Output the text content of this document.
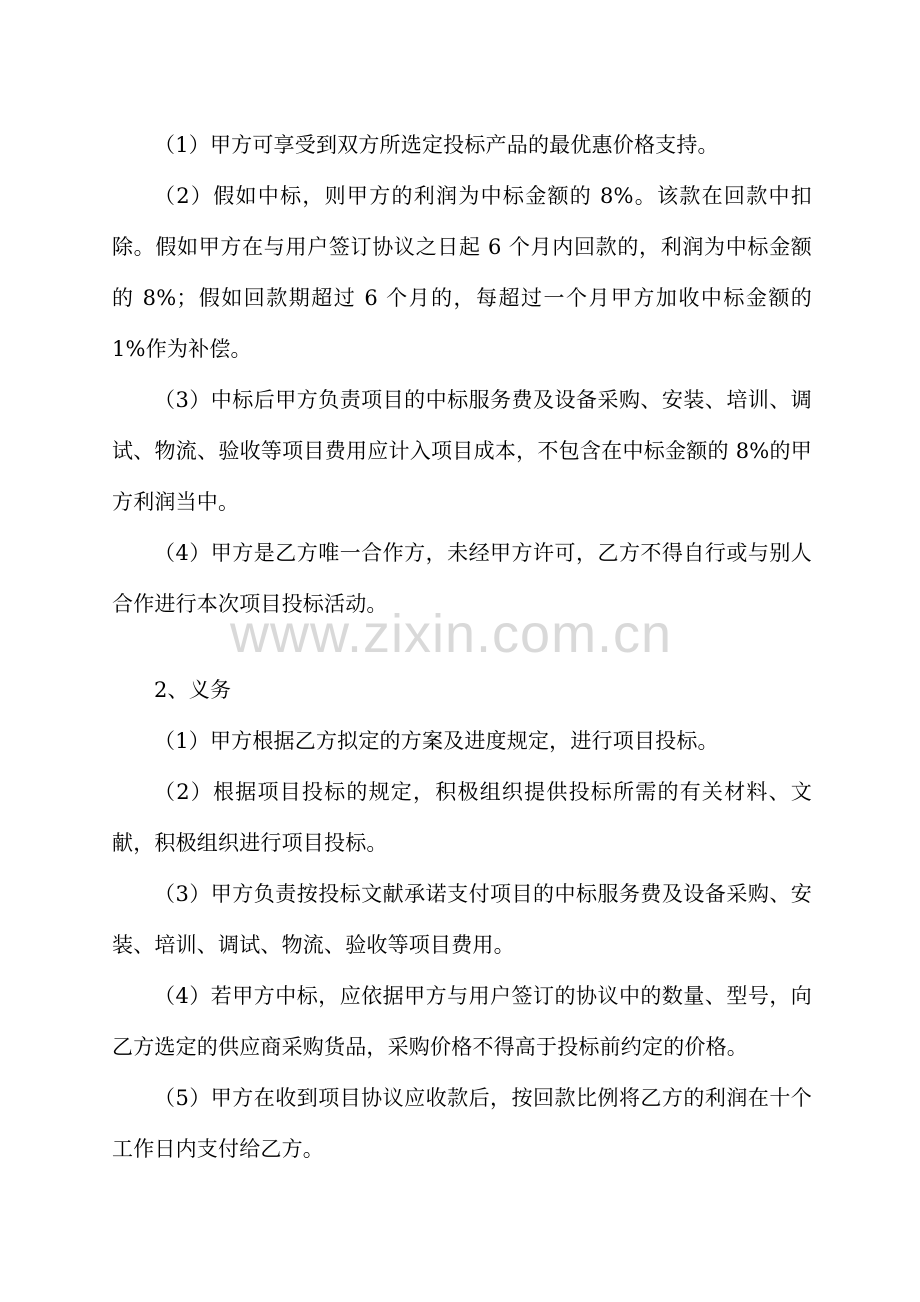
（1）甲方可享受到双方所选定投标产品的最优惠价格支持。

（2）假如中标，则甲方的利润为中标金额的 8%。该款在回款中扣除。假如甲方在与用户签订协议之日起 6 个月内回款的，利润为中标金额的 8%；假如回款期超过 6 个月的，每超过一个月甲方加收中标金额的 1%作为补偿。

（3）中标后甲方负责项目的中标服务费及设备采购、安装、培训、调试、物流、验收等项目费用应计入项目成本，不包含在中标金额的 8%的甲方利润当中。

（4）甲方是乙方唯一合作方，未经甲方许可，乙方不得自行或与别人合作进行本次项目投标活动。

www.zixin.com.cn

2、义务

（1）甲方根据乙方拟定的方案及进度规定，进行项目投标。

（2）根据项目投标的规定，积极组织提供投标所需的有关材料、文献，积极组织进行项目投标。

（3）甲方负责按投标文献承诺支付项目的中标服务费及设备采购、安装、培训、调试、物流、验收等项目费用。

（4）若甲方中标，应依据甲方与用户签订的协议中的数量、型号，向乙方选定的供应商采购货品，采购价格不得高于投标前约定的价格。

（5）甲方在收到项目协议应收款后，按回款比例将乙方的利润在十个工作日内支付给乙方。
